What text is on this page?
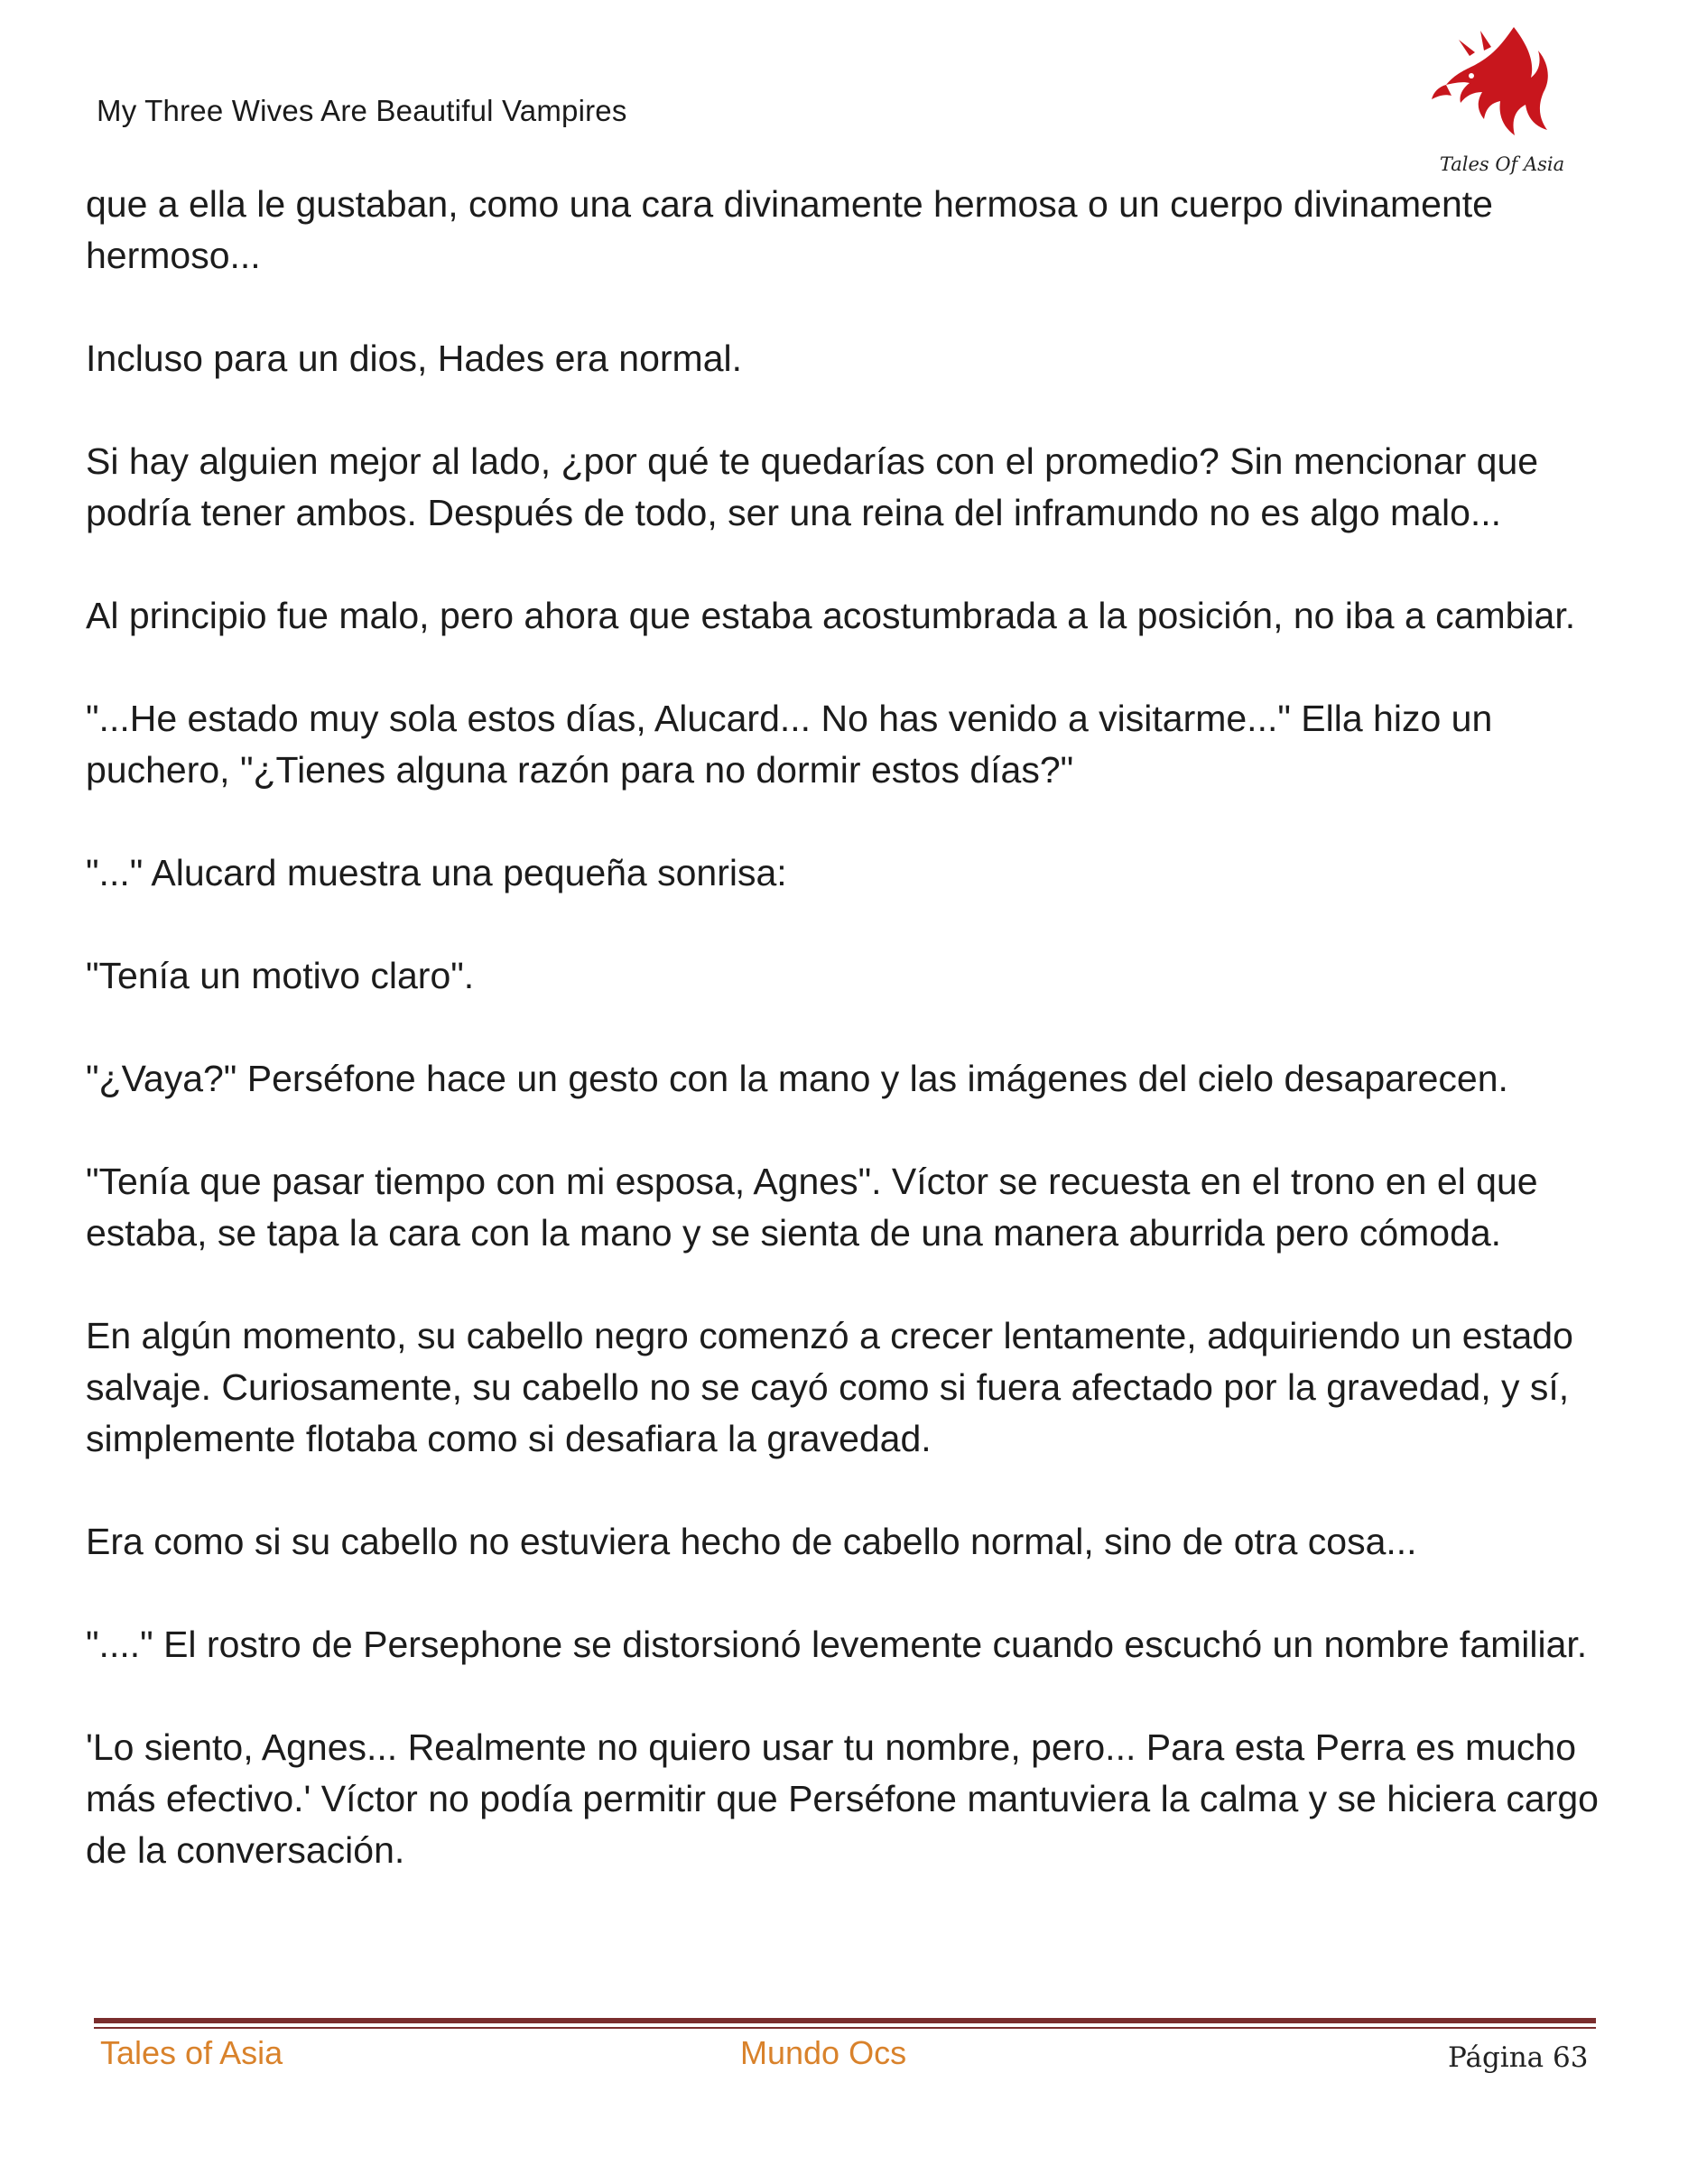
My Three Wives Are Beautiful Vampires
Tales Of Asia

que a ella le gustaban, como una cara divinamente hermosa o un cuerpo divinamente hermoso...

Incluso para un dios, Hades era normal.

Si hay alguien mejor al lado, ¿por qué te quedarías con el promedio? Sin mencionar que podría tener ambos. Después de todo, ser una reina del inframundo no es algo malo...

Al principio fue malo, pero ahora que estaba acostumbrada a la posición, no iba a cambiar.

"...He estado muy sola estos días, Alucard... No has venido a visitarme..." Ella hizo un puchero, "¿Tienes alguna razón para no dormir estos días?"

"..." Alucard muestra una pequeña sonrisa:

"Tenía un motivo claro".

"¿Vaya?" Perséfone hace un gesto con la mano y las imágenes del cielo desaparecen.

"Tenía que pasar tiempo con mi esposa, Agnes". Víctor se recuesta en el trono en el que estaba, se tapa la cara con la mano y se sienta de una manera aburrida pero cómoda.

En algún momento, su cabello negro comenzó a crecer lentamente, adquiriendo un estado salvaje. Curiosamente, su cabello no se cayó como si fuera afectado por la gravedad, y sí, simplemente flotaba como si desafiara la gravedad.

Era como si su cabello no estuviera hecho de cabello normal, sino de otra cosa...

"...." El rostro de Persephone se distorsionó levemente cuando escuchó un nombre familiar.

'Lo siento, Agnes... Realmente no quiero usar tu nombre, pero... Para esta Perra es mucho más efectivo.' Víctor no podía permitir que Perséfone mantuviera la calma y se hiciera cargo de la conversación.

Tales of Asia	Mundo Ocs	Página 63
